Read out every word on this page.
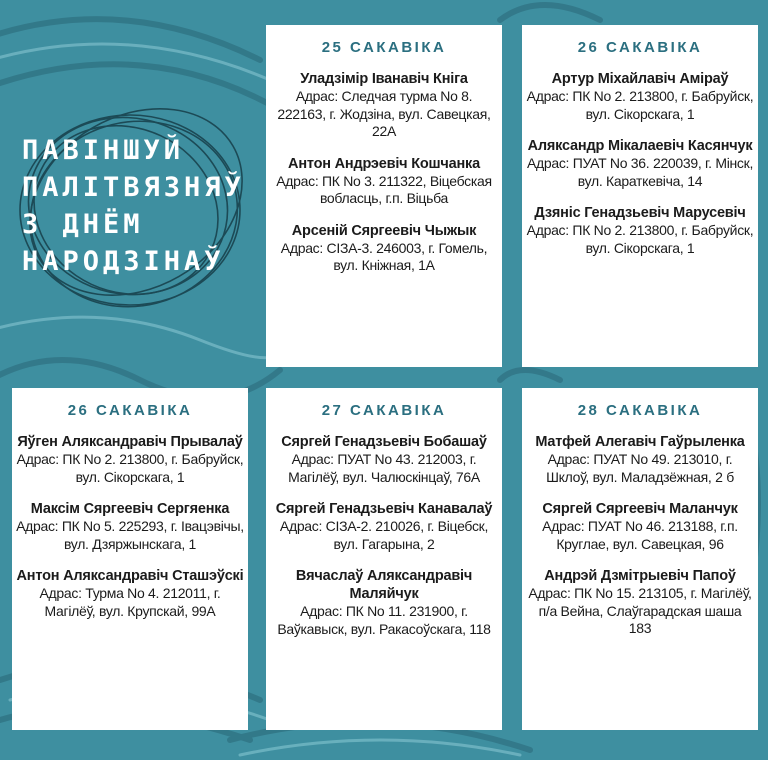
ПАВІНШУЙ
ПАЛІТВЯЗНЯЎ
З ДНЁМ
НАРОДЗІНАЎ
25 САКАВІКА
Уладзімір Іванавіч Кніга
Адрас: Следчая турма No 8. 222163, г. Жодзіна, вул. Савецкая, 22А
Антон Андрэевіч Кошчанка
Адрас: ПК No 3. 211322, Віцебская вобласць, г.п. Віцьба
Арсеній Сяргеевіч Чыжык
Адрас: СІЗА-3. 246003, г. Гомель, вул. Кніжная, 1А
26 САКАВІКА
Артур Міхайлавіч Аміраў
Адрас: ПК No 2. 213800, г. Бабруйск, вул. Сікорскага, 1
Аляксандр Мікалаевіч Касянчук
Адрас: ПУАТ No 36. 220039, г. Мінск, вул. Караткевіча, 14
Дзяніс Генадзьевіч Марусевіч
Адрас: ПК No 2. 213800, г. Бабруйск, вул. Сікорскага, 1
26 САКАВІКА
Яўген Аляксандравіч Прывалаў
Адрас: ПК No 2. 213800, г. Бабруйск, вул. Сікорскага, 1
Максім Сяргеевіч Сергяенка
Адрас: ПК No 5. 225293, г. Івацэвічы, вул. Дзяржынскага, 1
Антон Аляксандравіч Сташэўскі
Адрас: Турма No 4. 212011, г. Магілёў, вул. Крупскай, 99А
27 САКАВІКА
Сяргей Генадзьевіч Бобашаў
Адрас: ПУАТ No 43. 212003, г. Магілёў, вул. Чалюскінцаў, 76А
Сяргей Генадзьевіч Канавалаў
Адрас: СІЗА-2. 210026, г. Віцебск, вул. Гагарына, 2
Вячаслаў Аляксандравіч Маляйчук
Адрас: ПК No 11. 231900, г. Ваўкавыск, вул. Ракасоўскага, 118
28 САКАВІКА
Матфей Алегавіч Гаўрыленка
Адрас: ПУАТ No 49. 213010, г. Шклоў, вул. Маладзёжная, 2 б
Сяргей Сяргеевіч Маланчук
Адрас: ПУАТ No 46. 213188, г.п. Круглае, вул. Савецкая, 96
Андрэй Дзмітрыевіч Папоў
Адрас: ПК No 15. 213105, г. Магілёў, п/а Вейна, Слаўгарадская шаша 183
